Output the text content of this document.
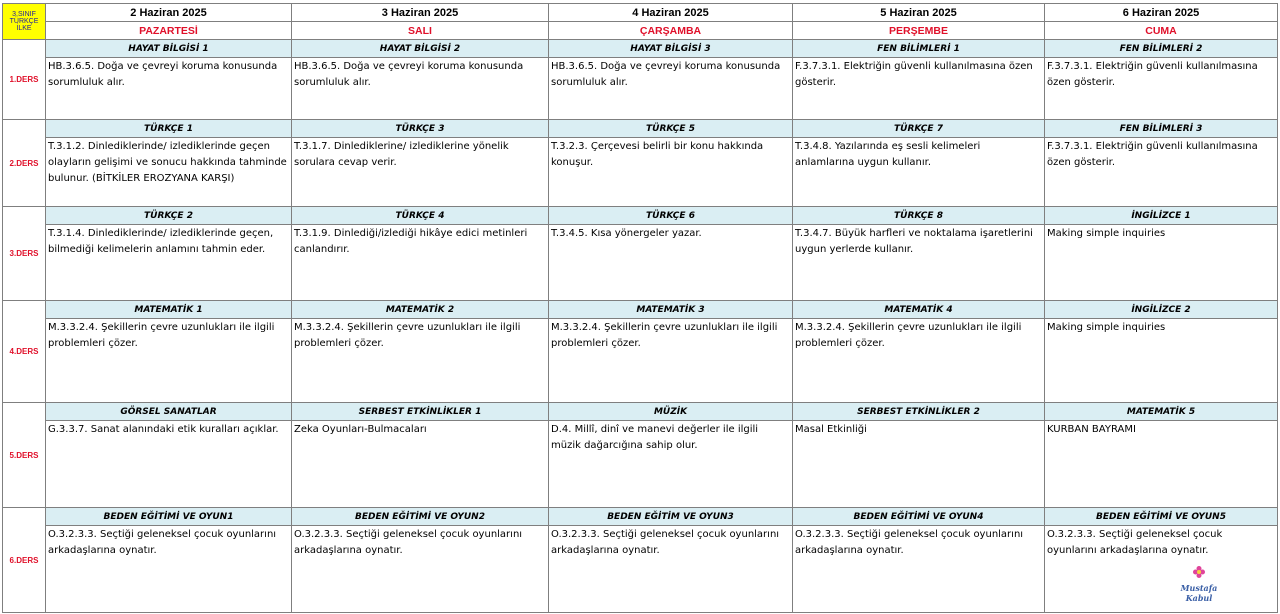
3.SINIF
TÜRKÇE
İLKE	2 Haziran 2025	3 Haziran 2025	4 Haziran 2025	5 Haziran 2025	6 Haziran 2025
	PAZARTESİ	SALI	ÇARŞAMBA	PERŞEMBE	CUMA
1.DERS	HAYAT BİLGİSİ 1	HAYAT BİLGİSİ 2	HAYAT BİLGİSİ 3	FEN BİLİMLERİ 1	FEN BİLİMLERİ 2
	HB.3.6.5. Doğa ve çevreyi koruma konusunda sorumluluk alır.	HB.3.6.5. Doğa ve çevreyi koruma konusunda sorumluluk alır.	HB.3.6.5. Doğa ve çevreyi koruma konusunda sorumluluk alır.	F.3.7.3.1. Elektriğin güvenli kullanılmasına özen gösterir.	F.3.7.3.1. Elektriğin güvenli kullanılmasına özen gösterir.
2.DERS	TÜRKÇE 1	TÜRKÇE 3	TÜRKÇE 5	TÜRKÇE 7	FEN BİLİMLERİ 3
	T.3.1.2. Dinlediklerinde/ izlediklerinde geçen olayların gelişimi ve sonucu hakkında tahminde bulunur. (BİTKİLER EROZYANA KARŞI)	T.3.1.7. Dinlediklerine/ izlediklerine yönelik sorulara cevap verir.	T.3.2.3. Çerçevesi belirli bir konu hakkında konuşur.	T.3.4.8. Yazılarında eş sesli kelimeleri anlamlarına uygun kullanır.	F.3.7.3.1. Elektriğin güvenli kullanılmasına özen gösterir.
3.DERS	TÜRKÇE 2	TÜRKÇE 4	TÜRKÇE 6	TÜRKÇE 8	İNGİLİZCE 1
	T.3.1.4. Dinlediklerinde/ izlediklerinde geçen, bilmediği kelimelerin anlamını tahmin eder.	T.3.1.9. Dinlediği/izlediği hikâye edici metinleri canlandırır.	T.3.4.5. Kısa yönergeler yazar.	T.3.4.7. Büyük harfleri ve noktalama işaretlerini uygun yerlerde kullanır.	Making simple inquiries
4.DERS	MATEMATİK 1	MATEMATİK 2	MATEMATİK 3	MATEMATİK 4	İNGİLİZCE 2
	M.3.3.2.4. Şekillerin çevre uzunlukları ile ilgili problemleri çözer.	M.3.3.2.4. Şekillerin çevre uzunlukları ile ilgili problemleri çözer.	M.3.3.2.4. Şekillerin çevre uzunlukları ile ilgili problemleri çözer.	M.3.3.2.4. Şekillerin çevre uzunlukları ile ilgili problemleri çözer.	Making simple inquiries
5.DERS	GÖRSEL SANATLAR	SERBEST ETKİNLİKLER 1	MÜZİK	SERBEST ETKİNLİKLER 2	MATEMATİK 5
	G.3.3.7. Sanat alanındaki etik kuralları açıklar.	Zeka Oyunları-Bulmacaları	D.4. Millî, dinî ve manevi değerler ile ilgili müzik dağarcığına sahip olur.	Masal Etkinliği	KURBAN BAYRAMI
6.DERS	BEDEN EĞİTİMİ VE OYUN1	BEDEN EĞİTİMİ VE OYUN2	BEDEN EĞİTİM VE OYUN3	BEDEN EĞİTİMİ VE OYUN4	BEDEN EĞİTİMİ VE OYUN5
	O.3.2.3.3. Seçtiği geleneksel çocuk oyunlarını arkadaşlarına oynatır.	O.3.2.3.3. Seçtiği geleneksel çocuk oyunlarını arkadaşlarına oynatır.	O.3.2.3.3. Seçtiği geleneksel çocuk oyunlarını arkadaşlarına oynatır.	O.3.2.3.3. Seçtiği geleneksel çocuk oyunlarını arkadaşlarına oynatır.	O.3.2.3.3. Seçtiği geleneksel çocuk oyunlarını arkadaşlarına oynatır.
Mustafa Kabul
